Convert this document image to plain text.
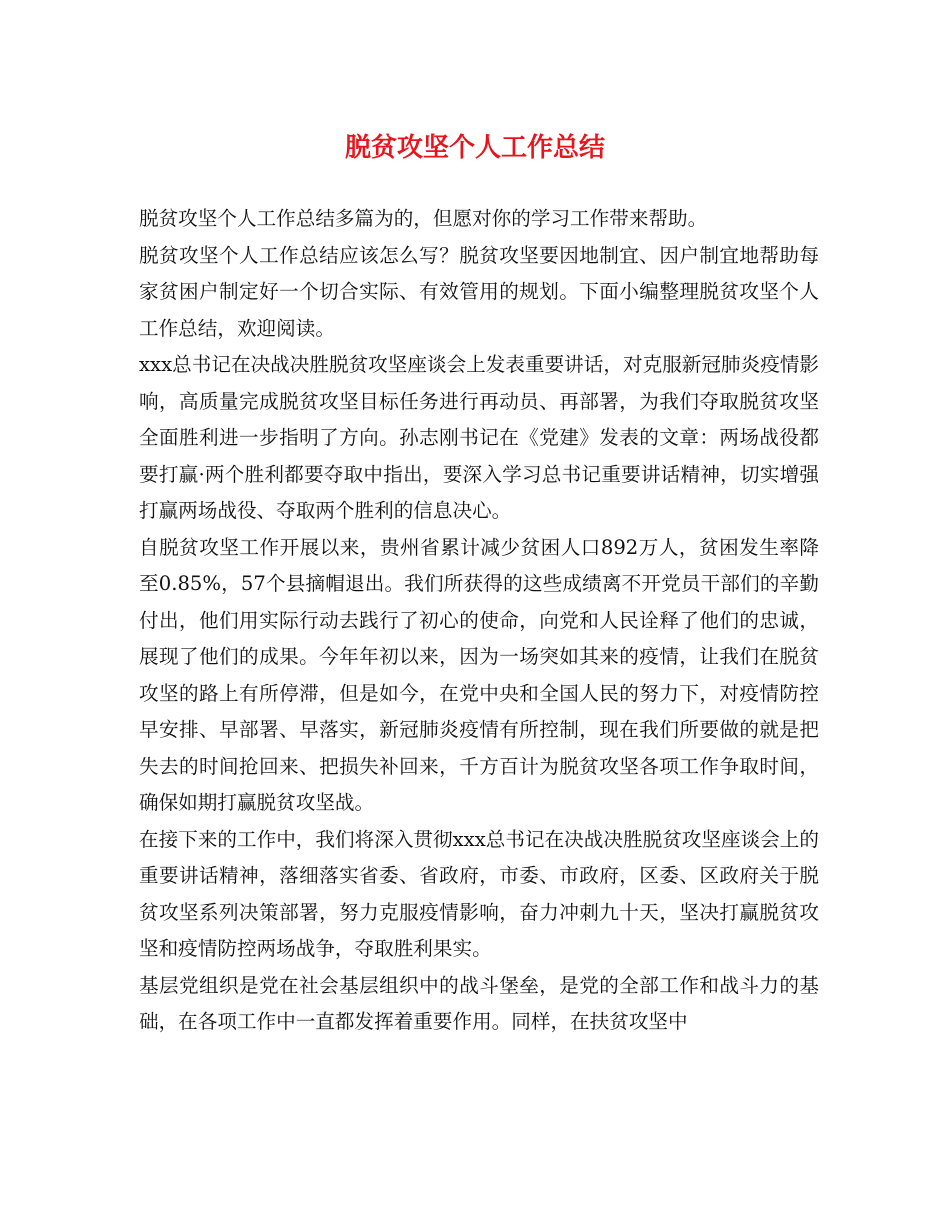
脱贫攻坚个人工作总结

脱贫攻坚个人工作总结多篇为的，但愿对你的学习工作带来帮助。

脱贫攻坚个人工作总结应该怎么写？脱贫攻坚要因地制宜、因户制宜地帮助每家贫困户制定好一个切合实际、有效管用的规划。下面小编整理脱贫攻坚个人工作总结，欢迎阅读。

xxx总书记在决战决胜脱贫攻坚座谈会上发表重要讲话，对克服新冠肺炎疫情影响，高质量完成脱贫攻坚目标任务进行再动员、再部署，为我们夺取脱贫攻坚全面胜利进一步指明了方向。孙志刚书记在《党建》发表的文章：两场战役都要打赢·两个胜利都要夺取中指出，要深入学习总书记重要讲话精神，切实增强打赢两场战役、夺取两个胜利的信息决心。

自脱贫攻坚工作开展以来，贵州省累计减少贫困人口892万人，贫困发生率降至0.85%，57个县摘帽退出。我们所获得的这些成绩离不开党员干部们的辛勤付出，他们用实际行动去践行了初心的使命，向党和人民诠释了他们的忠诚，展现了他们的成果。今年年初以来，因为一场突如其来的疫情，让我们在脱贫攻坚的路上有所停滞，但是如今，在党中央和全国人民的努力下，对疫情防控早安排、早部署、早落实，新冠肺炎疫情有所控制，现在我们所要做的就是把失去的时间抢回来、把损失补回来，千方百计为脱贫攻坚各项工作争取时间，确保如期打赢脱贫攻坚战。

在接下来的工作中，我们将深入贯彻xxx总书记在决战决胜脱贫攻坚座谈会上的重要讲话精神，落细落实省委、省政府，市委、市政府，区委、区政府关于脱贫攻坚系列决策部署，努力克服疫情影响，奋力冲刺九十天，坚决打赢脱贫攻坚和疫情防控两场战争，夺取胜利果实。

基层党组织是党在社会基层组织中的战斗堡垒，是党的全部工作和战斗力的基础，在各项工作中一直都发挥着重要作用。同样，在扶贫攻坚中
